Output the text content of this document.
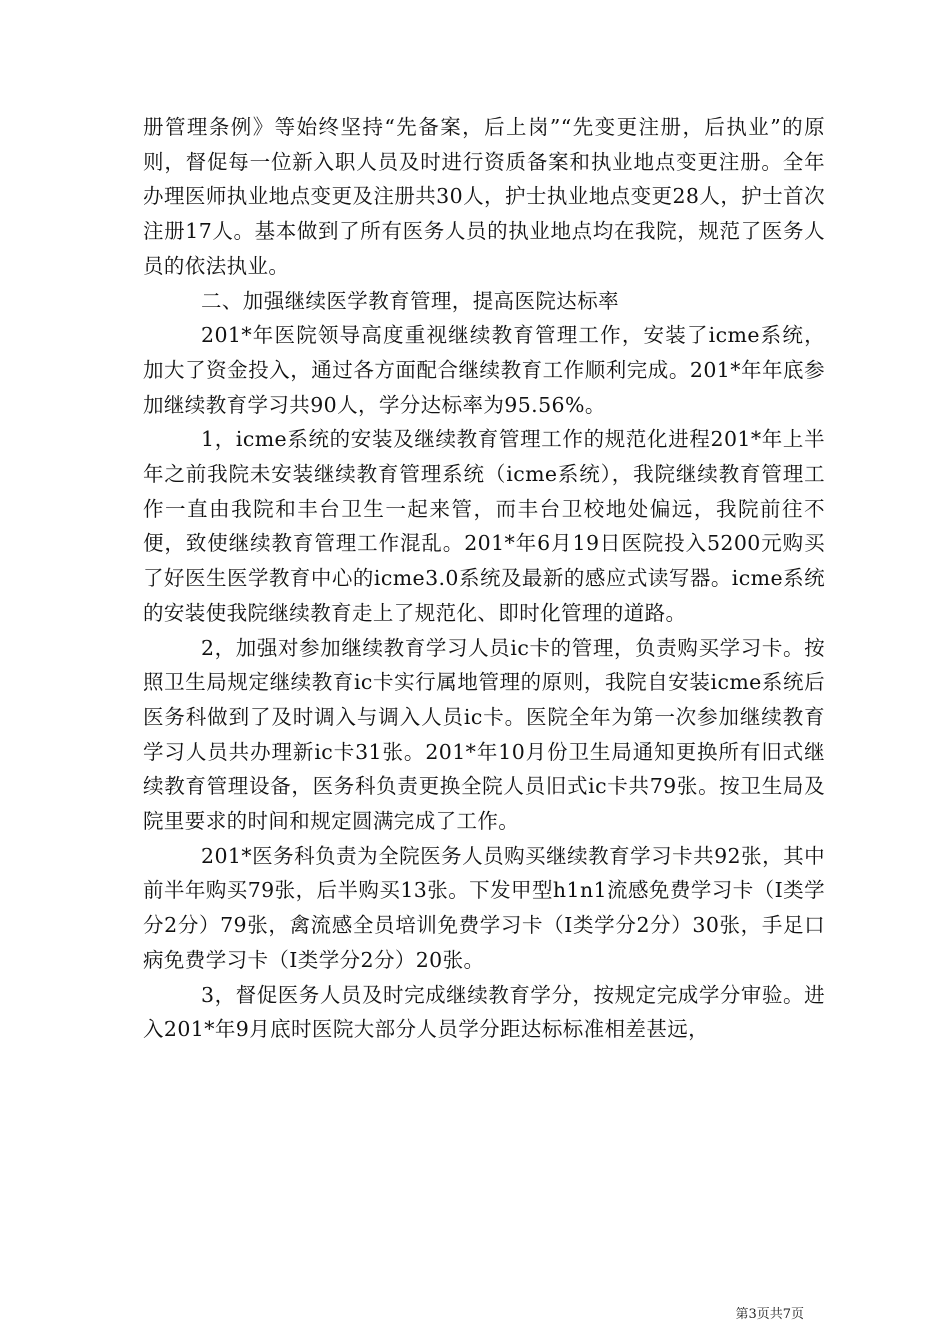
册管理条例》等始终坚持“先备案，后上岗”“先变更注册，后执业”的原则，督促每一位新入职人员及时进行资质备案和执业地点变更注册。全年办理医师执业地点变更及注册共30人，护士执业地点变更28人，护士首次注册17人。基本做到了所有医务人员的执业地点均在我院，规范了医务人员的依法执业。

二、加强继续医学教育管理，提高医院达标率

201*年医院领导高度重视继续教育管理工作，安装了icme系统，加大了资金投入，通过各方面配合继续教育工作顺利完成。201*年年底参加继续教育学习共90人，学分达标率为95.56%。

1，icme系统的安装及继续教育管理工作的规范化进程201*年上半年之前我院未安装继续教育管理系统（icme系统），我院继续教育管理工作一直由我院和丰台卫生一起来管，而丰台卫校地处偏远，我院前往不便，致使继续教育管理工作混乱。201*年6月19日医院投入5200元购买了好医生医学教育中心的icme3.0系统及最新的感应式读写器。icme系统的安装使我院继续教育走上了规范化、即时化管理的道路。

2，加强对参加继续教育学习人员ic卡的管理，负责购买学习卡。按照卫生局规定继续教育ic卡实行属地管理的原则，我院自安装icme系统后医务科做到了及时调入与调入人员ic卡。医院全年为第一次参加继续教育学习人员共办理新ic卡31张。201*年10月份卫生局通知更换所有旧式继续教育管理设备，医务科负责更换全院人员旧式ic卡共79张。按卫生局及院里要求的时间和规定圆满完成了工作。

201*医务科负责为全院医务人员购买继续教育学习卡共92张，其中前半年购买79张，后半购买13张。下发甲型h1n1流感免费学习卡（Ⅰ类学分2分）79张，禽流感全员培训免费学习卡（Ⅰ类学分2分）30张，手足口病免费学习卡（Ⅰ类学分2分）20张。

3，督促医务人员及时完成继续教育学分，按规定完成学分审验。进入201*年9月底时医院大部分人员学分距达标标准相差甚远，

第3页共7页
